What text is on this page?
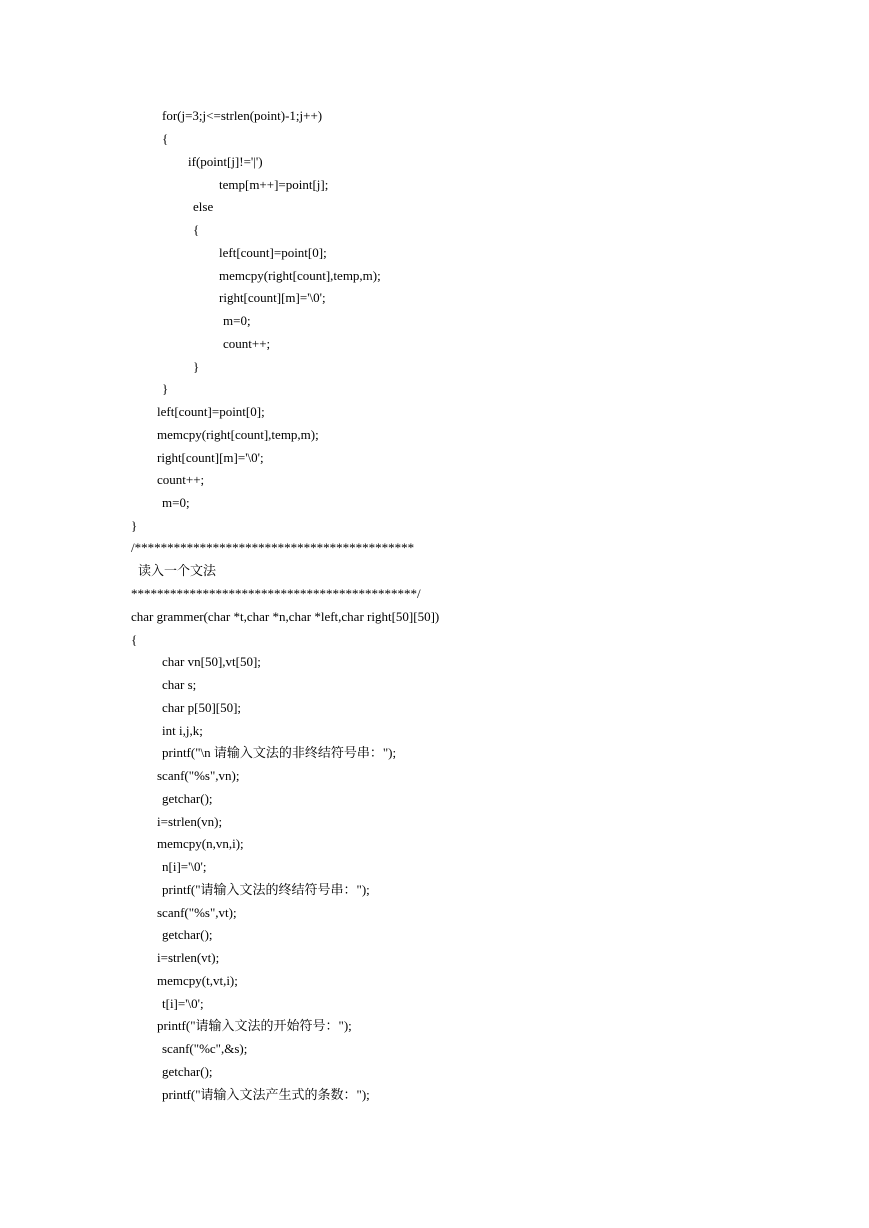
for(j=3;j<=strlen(point)-1;j++)
{
if(point[j]!='|')
temp[m++]=point[j];
else
{
left[count]=point[0];
memcpy(right[count],temp,m);
right[count][m]='\0';
m=0;
count++;
}
}
left[count]=point[0];
memcpy(right[count],temp,m);
right[count][m]='\0';
count++;
m=0;
}
/*******************************************
读入一个文法
********************************************/
char grammer(char *t,char *n,char *left,char right[50][50])
{
char vn[50],vt[50];
char s;
char p[50][50];
int i,j,k;
printf("\n 请输入文法的非终结符号串：");
scanf("%s",vn);
getchar();
i=strlen(vn);
memcpy(n,vn,i);
n[i]='\0';
printf("请输入文法的终结符号串：");
scanf("%s",vt);
getchar();
i=strlen(vt);
memcpy(t,vt,i);
t[i]='\0';
printf("请输入文法的开始符号：");
scanf("%c",&s);
getchar();
printf("请输入文法产生式的条数：");
